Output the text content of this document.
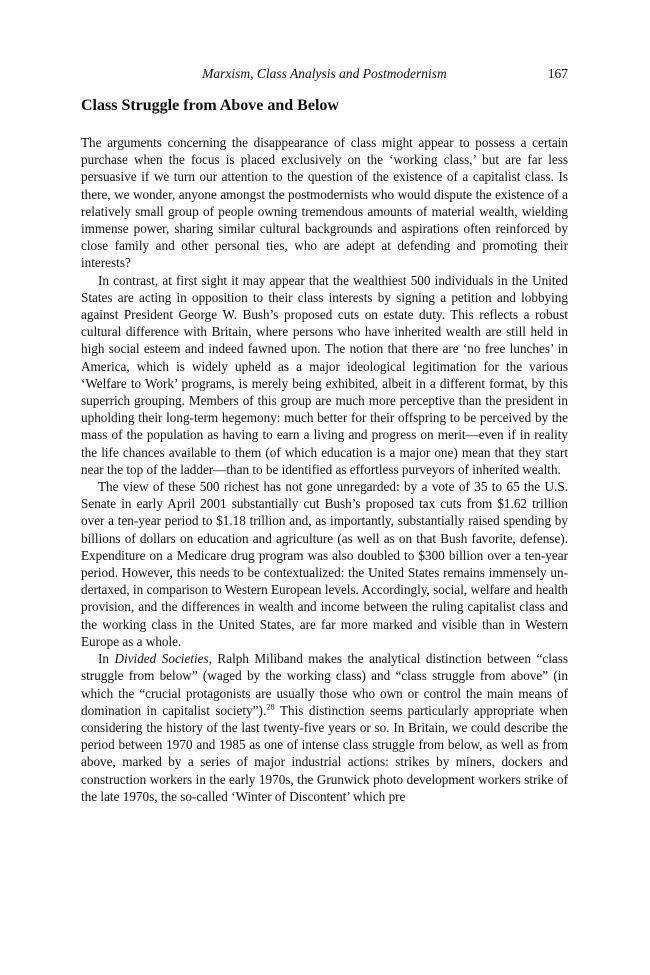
Marxism, Class Analysis and Postmodernism	167
Class Struggle from Above and Below

The arguments concerning the disappearance of class might appear to possess a certain purchase when the focus is placed exclusively on the ‘working class,’ but are far less persuasive if we turn our attention to the question of the existence of a capitalist class. Is there, we wonder, anyone amongst the postmodernists who would dispute the existence of a relatively small group of people owning tremendous amounts of material wealth, wielding immense power, sharing similar cultural backgrounds and aspirations often reinforced by close family and other personal ties, who are adept at defending and promoting their interests?

In contrast, at first sight it may appear that the wealthiest 500 individuals in the United States are acting in opposition to their class interests by signing a petition and lobbying against President George W. Bush’s proposed cuts on estate duty. This reflects a robust cultural difference with Britain, where persons who have inherited wealth are still held in high social esteem and indeed fawned upon. The notion that there are ‘no free lunches’ in America, which is widely upheld as a major ideological legitimation for the various ‘Welfare to Work’ programs, is merely being exhibited, albeit in a different format, by this superrich grouping. Members of this group are much more perceptive than the president in upholding their long-term hegemony: much better for their offspring to be perceived by the mass of the population as having to earn a living and progress on merit—even if in reality the life chances available to them (of which education is a major one) mean that they start near the top of the ladder—than to be identified as effortless purveyors of inherited wealth.

The view of these 500 richest has not gone unregarded: by a vote of 35 to 65 the U.S. Senate in early April 2001 substantially cut Bush’s proposed tax cuts from $1.62 trillion over a ten-year period to $1.18 trillion and, as importantly, substantially raised spending by billions of dollars on education and agriculture (as well as on that Bush favorite, defense). Expenditure on a Medicare drug program was also doubled to $300 billion over a ten-year period. However, this needs to be contextualized: the United States remains immensely undertaxed, in comparison to Western European levels. Accordingly, social, welfare and health provision, and the differences in wealth and income between the ruling capitalist class and the working class in the United States, are far more marked and visible than in Western Europe as a whole.

In Divided Societies, Ralph Miliband makes the analytical distinction between “class struggle from below” (waged by the working class) and “class struggle from above” (in which the “crucial protagonists are usually those who own or control the main means of domination in capitalist society”).$^{28}$ This distinction seems particularly appropriate when considering the history of the last twenty-five years or so. In Britain, we could describe the period between 1970 and 1985 as one of intense class struggle from below, as well as from above, marked by a series of major industrial actions: strikes by miners, dockers and construction workers in the early 1970s, the Grunwick photo development workers strike of the late 1970s, the so-called ‘Winter of Discontent’ which pre
